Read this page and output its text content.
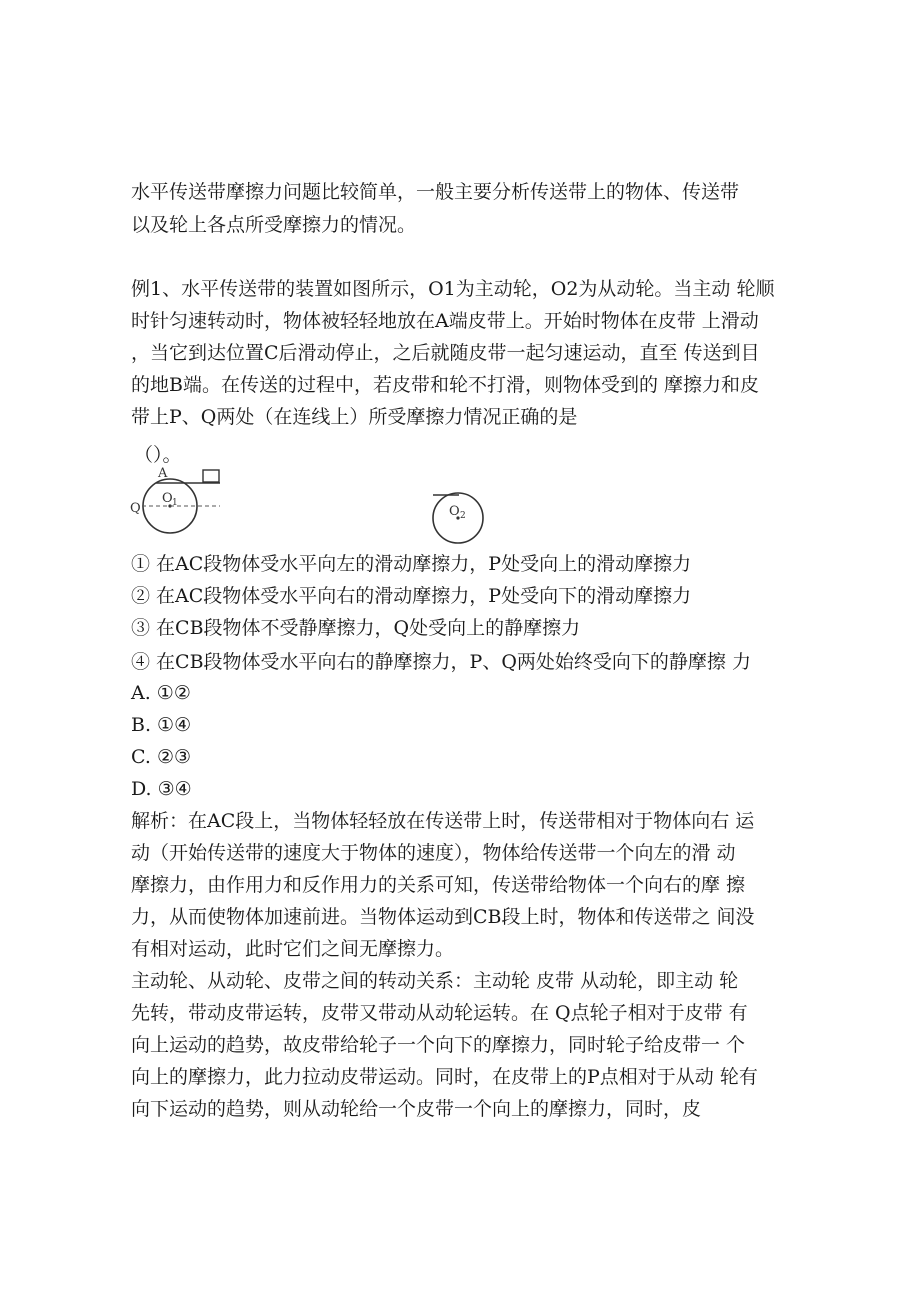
水平传送带摩擦力问题比较简单，一般主要分析传送带上的物体、传送带
以及轮上各点所受摩擦力的情况。
例1、水平传送带的装置如图所示，O1为主动轮，O2为从动轮。当主动 轮顺
时针匀速转动时，物体被轻轻地放在A端皮带上。开始时物体在皮带 上滑动
，当它到达位置C后滑动停止，之后就随皮带一起匀速运动，直至 传送到目
的地B端。在传送的过程中，若皮带和轮不打滑，则物体受到的 摩擦力和皮
带上P、Q两处（在连线上）所受摩擦力情况正确的是
（）。
A
O 1
Q	O 2
① 在AC段物体受水平向左的滑动摩擦力，P处受向上的滑动摩擦力
② 在AC段物体受水平向右的滑动摩擦力，P处受向下的滑动摩擦力
③ 在CB段物体不受静摩擦力，Q处受向上的静摩擦力
④ 在CB段物体受水平向右的静摩擦力，P、Q两处始终受向下的静摩擦 力
A. ①②
B. ①④
C. ②③
D. ③④
解析：在AC段上，当物体轻轻放在传送带上时，传送带相对于物体向右 运
动（开始传送带的速度大于物体的速度），物体给传送带一个向左的滑 动
摩擦力，由作用力和反作用力的关系可知，传送带给物体一个向右的摩 擦
力，从而使物体加速前进。当物体运动到CB段上时，物体和传送带之 间没
有相对运动，此时它们之间无摩擦力。
主动轮、从动轮、皮带之间的转动关系：主动轮 皮带 从动轮，即主动 轮
先转，带动皮带运转，皮带又带动从动轮运转。在 Q点轮子相对于皮带 有
向上运动的趋势，故皮带给轮子一个向下的摩擦力，同时轮子给皮带一 个
向上的摩擦力，此力拉动皮带运动。同时，在皮带上的P点相对于从动 轮有
向下运动的趋势，则从动轮给一个皮带一个向上的摩擦力，同时，皮
